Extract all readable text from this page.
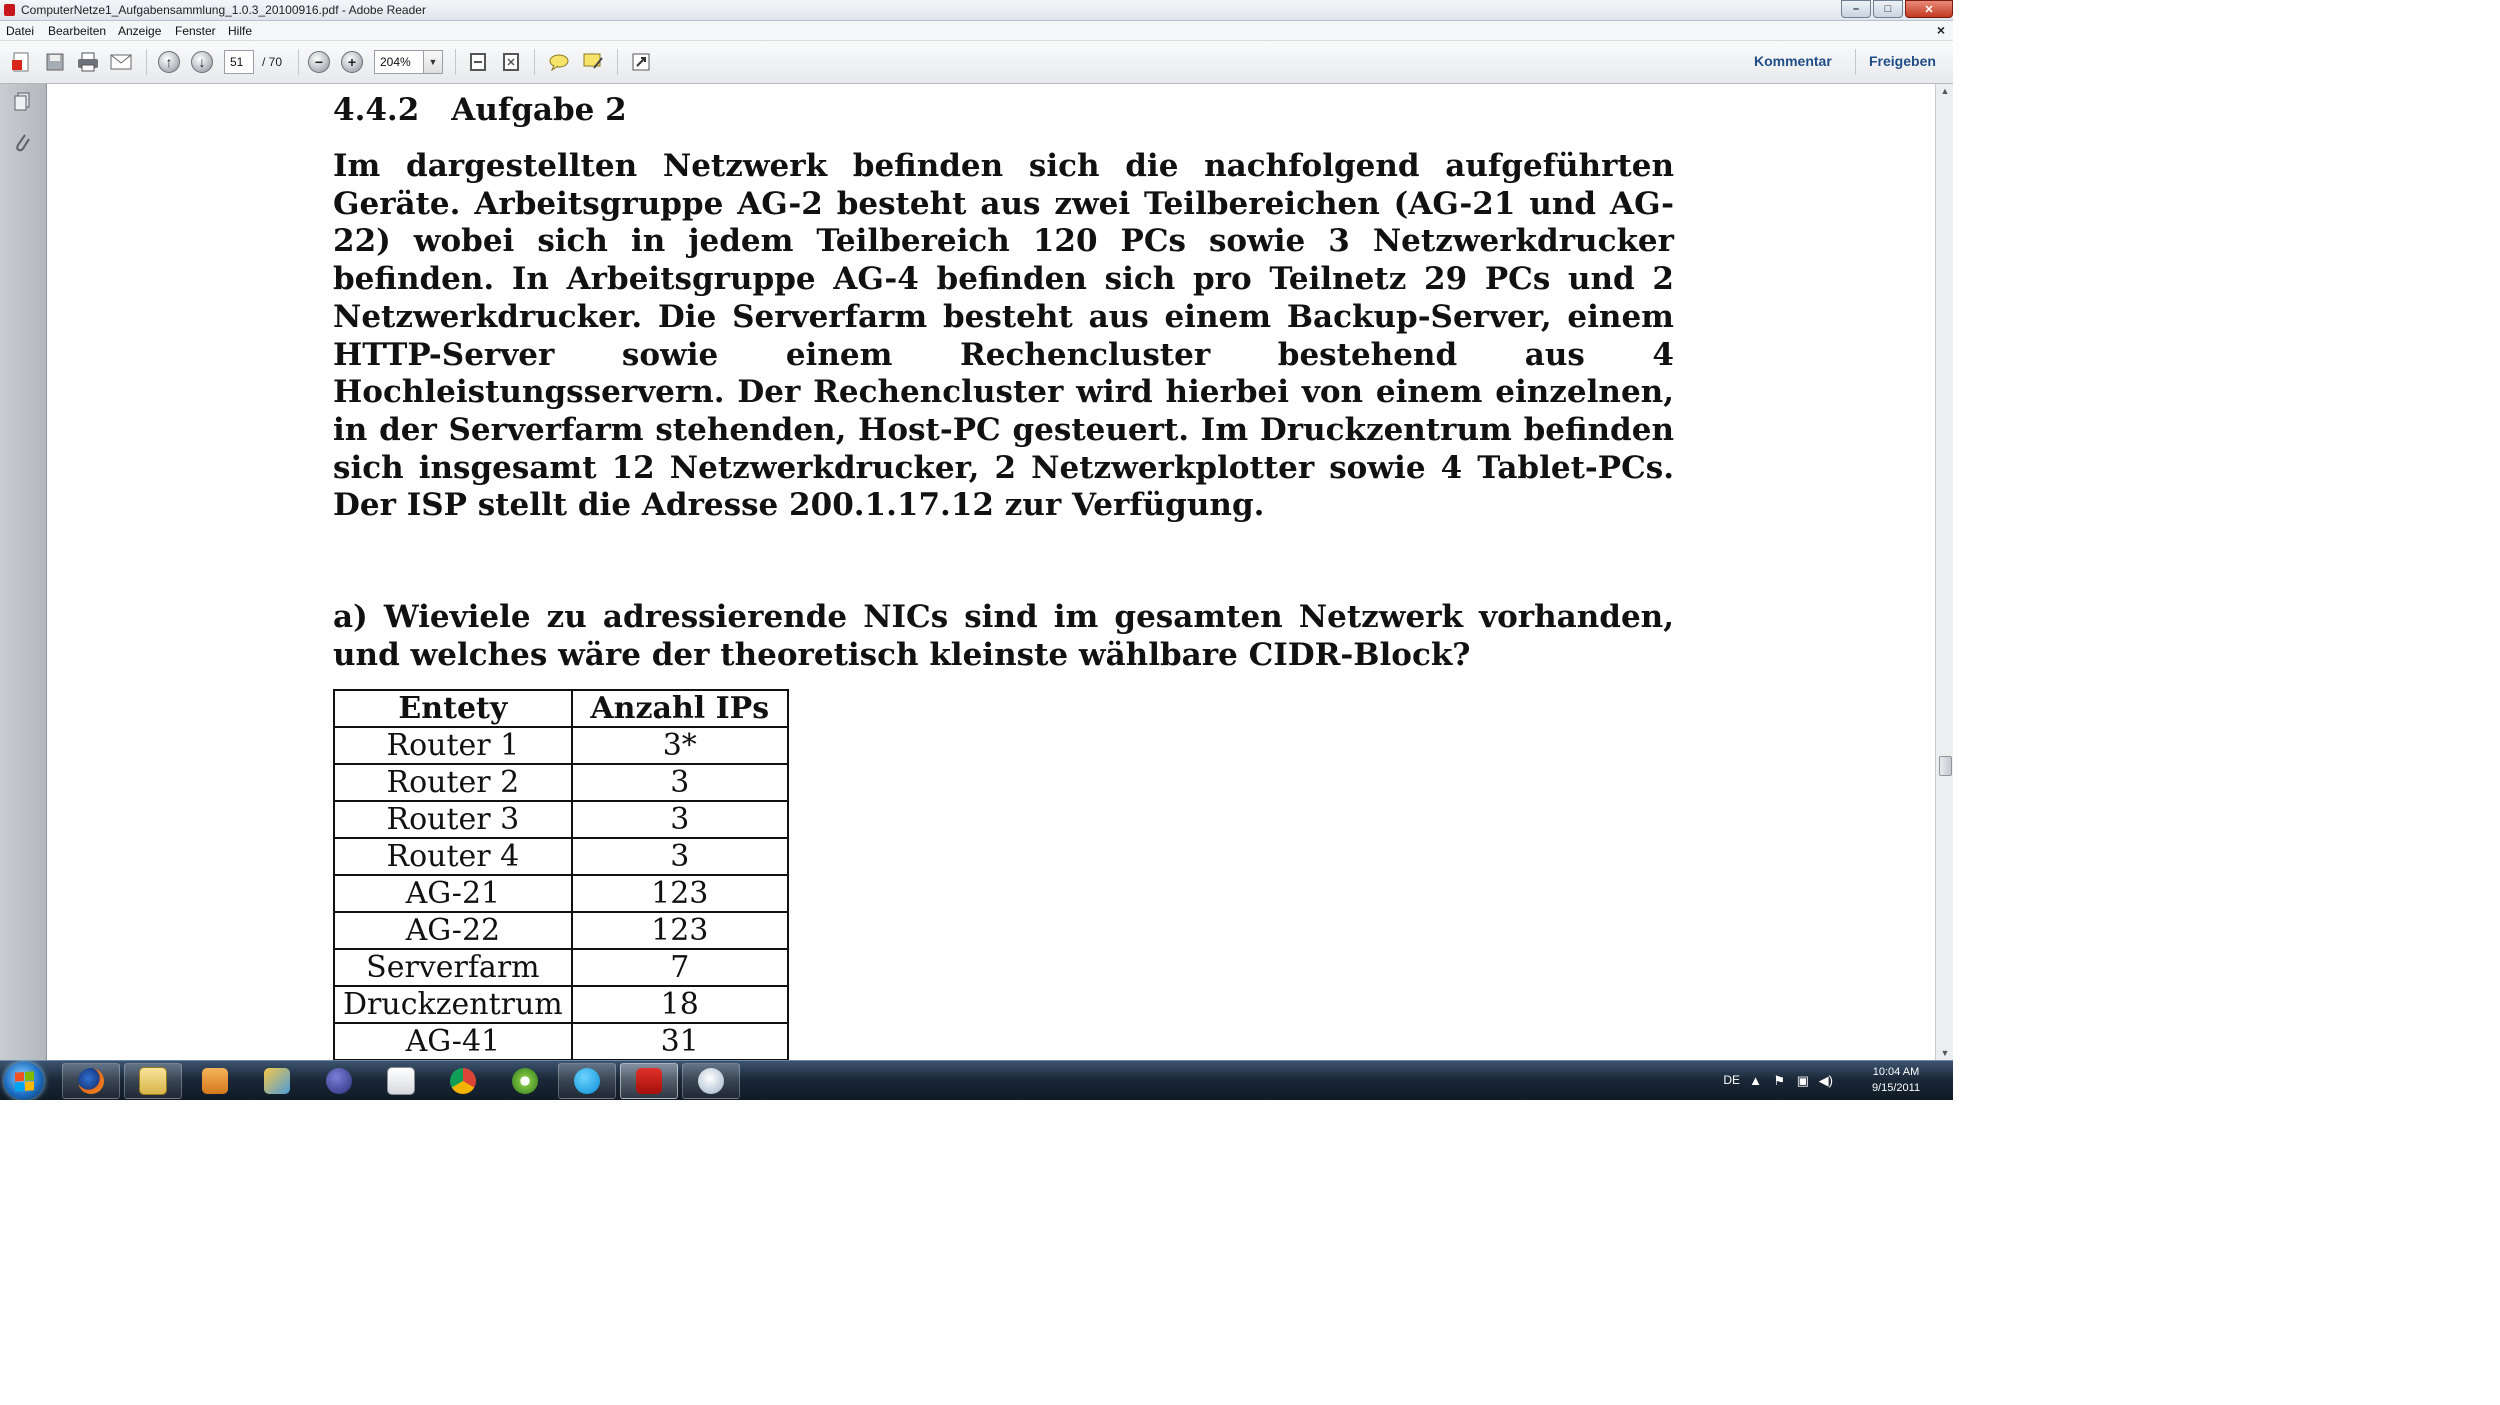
ComputerNetze1_Aufgabensammlung_1.0.3_20100916.pdf - Adobe Reader	–	□	✕
Datei Bearbeiten Anzeige Fenster Hilfe	×
↑	↓
51	/ 70	−	+
204%	▼	Kommentar	Freigeben
4.4.2 Aufgabe 2
Im dargestellten Netzwerk befinden sich die nachfolgend aufgeführten Geräte. Arbeitsgruppe AG-2 besteht aus zwei Teilbereichen (AG-21 und AG-22) wobei sich in jedem Teilbereich 120 PCs sowie 3 Netzwerkdrucker befinden. In Arbeitsgruppe AG-4 befinden sich pro Teilnetz 29 PCs und 2 Netzwerkdrucker. Die Serverfarm besteht aus einem Backup-Server, einem HTTP-Server sowie einem Rechencluster bestehend aus 4 Hochleistungsservern. Der Rechencluster wird hierbei von einem einzelnen, in der Serverfarm stehenden, Host-PC gesteuert. Im Druckzentrum befinden sich insgesamt 12 Netzwerkdrucker, 2 Netzwerkplotter sowie 4 Tablet-PCs. Der ISP stellt die Adresse 200.1.17.12 zur Verfügung.
a) Wieviele zu adressierende NICs sind im gesamten Netzwerk vorhanden, und welches wäre der theoretisch kleinste wählbare CIDR-Block?
Entety	Anzahl IPs
Router 1	3*
Router 2	3
Router 3	3
Router 4	3
AG-21	123
AG-22	123
Serverfarm	7
Druckzentrum	18
AG-41	31
▲
▼
DE ▲ ⚑ ▣ ◀)
10:04 AM
9/15/2011
